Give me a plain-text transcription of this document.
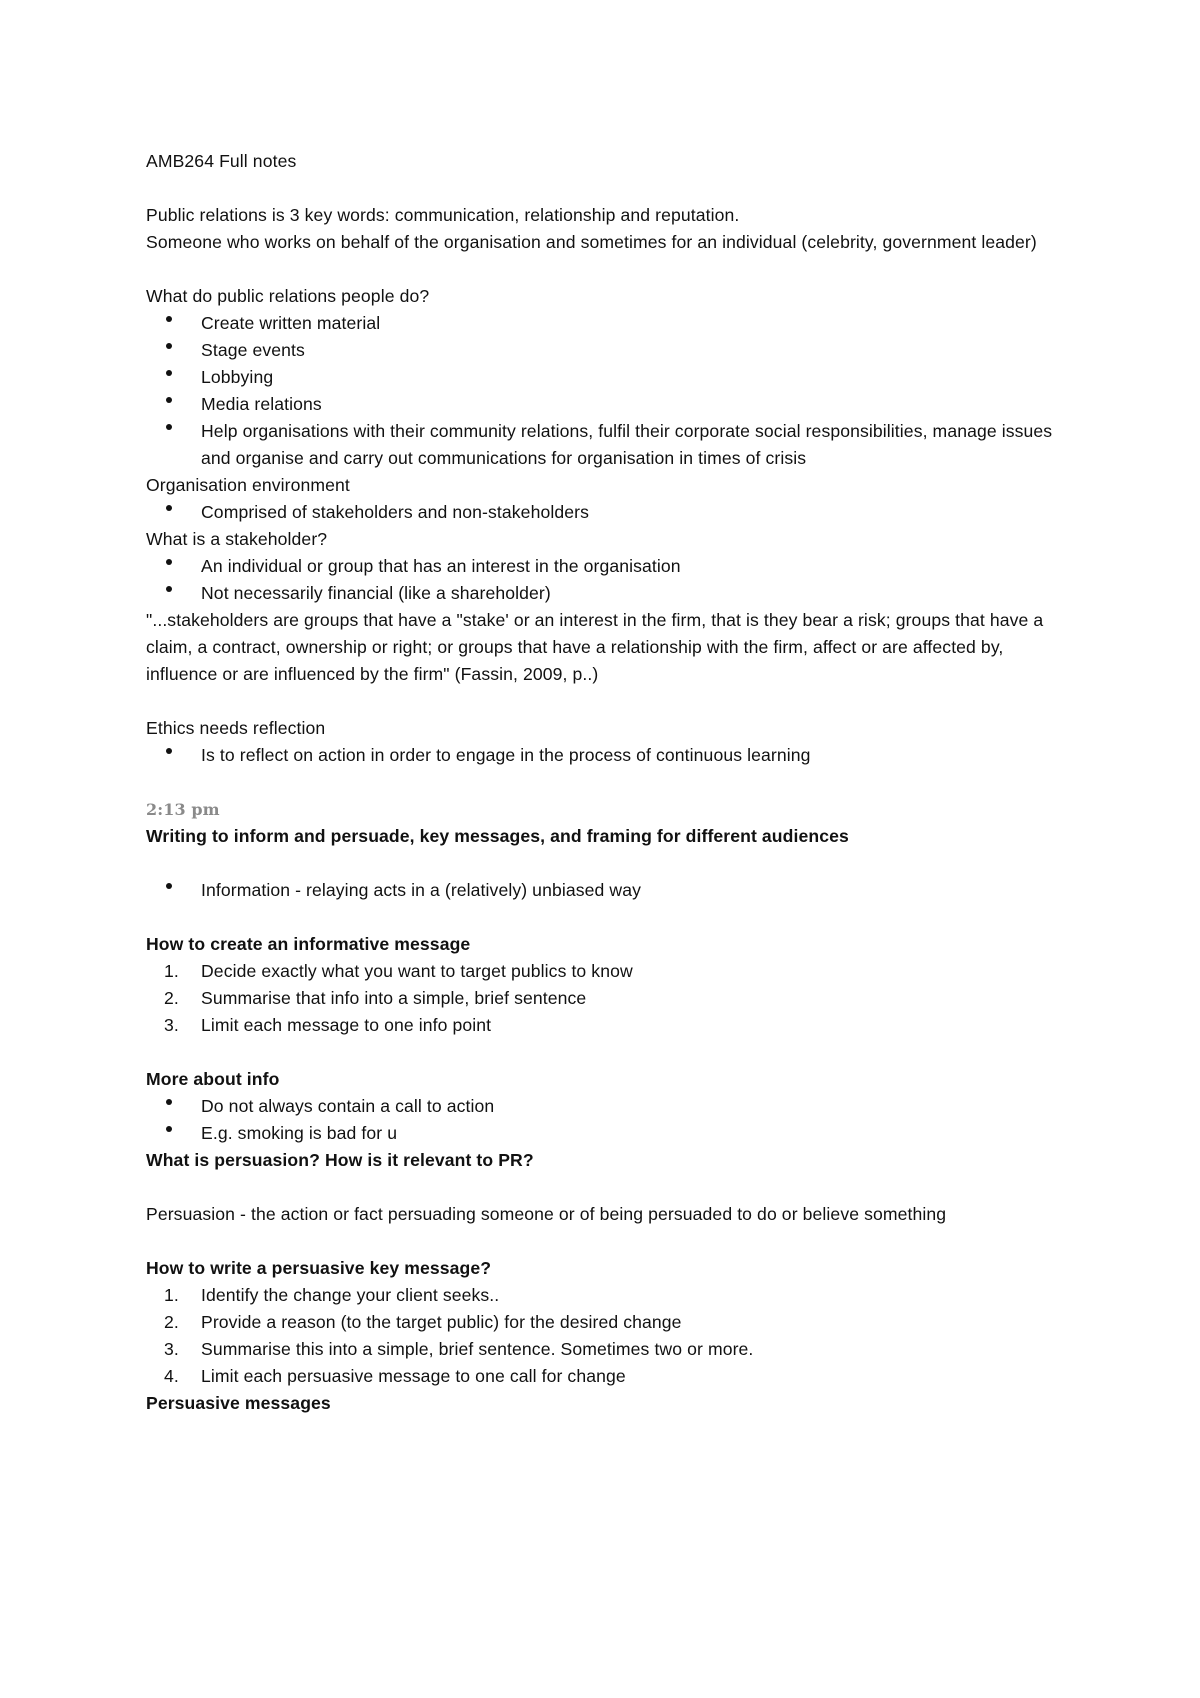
AMB264 Full notes
Public relations is 3 key words: communication, relationship and reputation.
Someone who works on behalf of the organisation and sometimes for an individual (celebrity, government leader)
What do public relations people do?
Create written material
Stage events
Lobbying
Media relations
Help organisations with their community relations, fulfil their corporate social responsibilities, manage issues and organise and carry out communications for organisation in times of crisis
Organisation environment
Comprised of stakeholders and non-stakeholders
What is a stakeholder?
An individual or group that has an interest in the organisation
Not necessarily financial (like a shareholder)
"...stakeholders are groups that have a "stake' or an interest in the firm, that is they bear a risk; groups that have a claim, a contract, ownership or right; or groups that have a relationship with the firm, affect or are affected by, influence or are influenced by the firm" (Fassin, 2009, p..)
Ethics needs reflection
Is to reflect on action in order to engage in the process of continuous learning
2:13 pm
Writing to inform and persuade, key messages, and framing for different audiences
Information - relaying acts in a (relatively) unbiased way
How to create an informative message
1.	Decide exactly what you want to target publics to know
2.	Summarise that info into a simple, brief sentence
3.	Limit each message to one info point
More about info
Do not always contain a call to action
E.g. smoking is bad for u
What is persuasion? How is it relevant to PR?
Persuasion - the action or fact persuading someone or of being persuaded to do or believe something
How to write a persuasive key message?
1.	Identify the change your client seeks..
2.	Provide a reason (to the target public) for the desired change
3.	Summarise this into a simple, brief sentence. Sometimes two or more.
4.	Limit each persuasive message to one call for change
Persuasive messages
